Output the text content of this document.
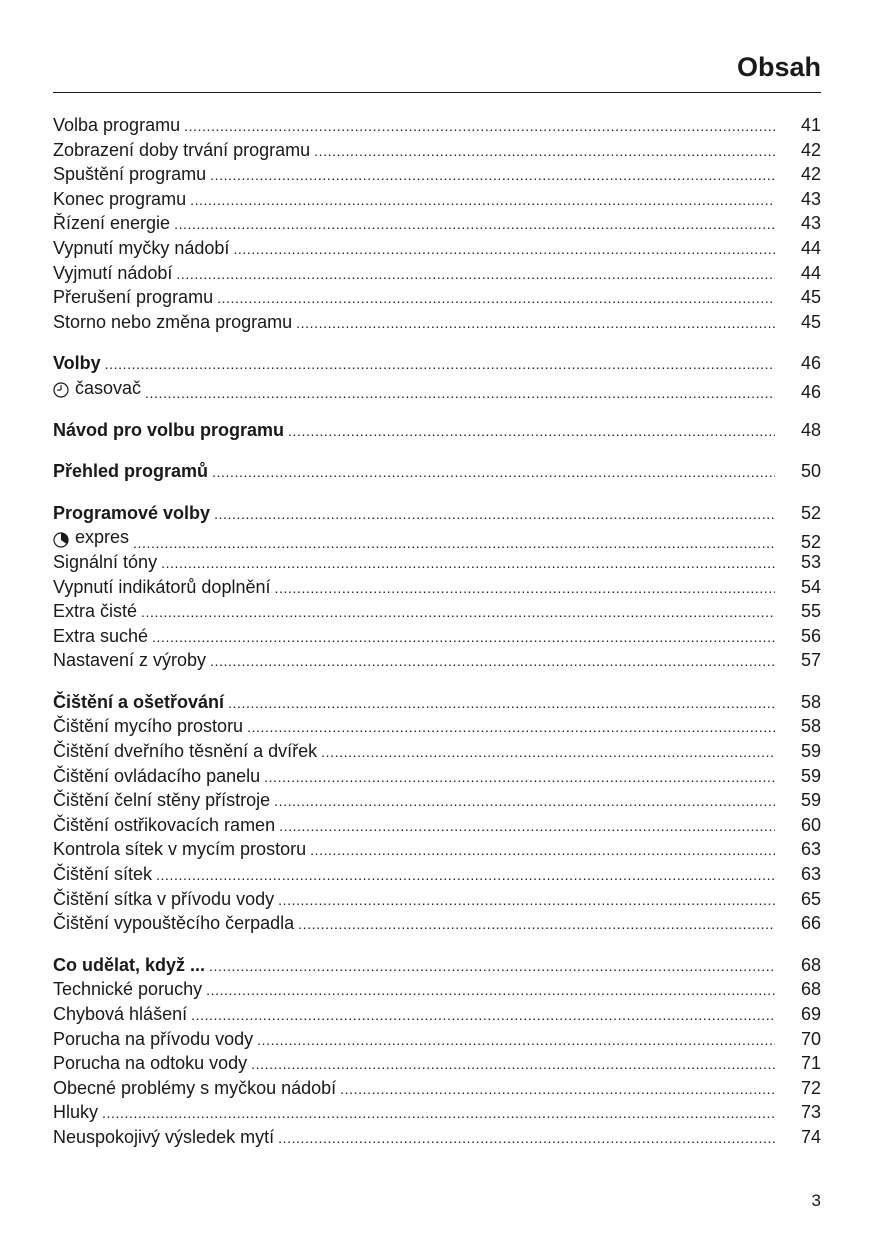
Obsah
Volba programu .....	41
Zobrazení doby trvání programu .....	42
Spuštění programu .....	42
Konec programu .....	43
Řízení energie .....	43
Vypnutí myčky nádobí .....	44
Vyjmutí nádobí .....	44
Přerušení programu .....	45
Storno nebo změna programu .....	45
Volby .....	46
časovač .....	46
Návod pro volbu programu .....	48
Přehled programů .....	50
Programové volby .....	52
expres .....	52
Signální tóny .....	53
Vypnutí indikátorů doplnění .....	54
Extra čisté .....	55
Extra suché .....	56
Nastavení z výroby .....	57
Čištění a ošetřování .....	58
Čištění mycího prostoru .....	58
Čištění dveřního těsnění a dvířek .....	59
Čištění ovládacího panelu .....	59
Čištění čelní stěny přístroje .....	59
Čištění ostřikovacích ramen .....	60
Kontrola sítek v mycím prostoru .....	63
Čištění sítek .....	63
Čištění sítka v přívodu vody .....	65
Čištění vypouštěcího čerpadla .....	66
Co udělat, když ... .....	68
Technické poruchy .....	68
Chybová hlášení .....	69
Porucha na přívodu vody .....	70
Porucha na odtoku vody .....	71
Obecné problémy s myčkou nádobí .....	72
Hluky .....	73
Neuspokojivý výsledek mytí .....	74
3
